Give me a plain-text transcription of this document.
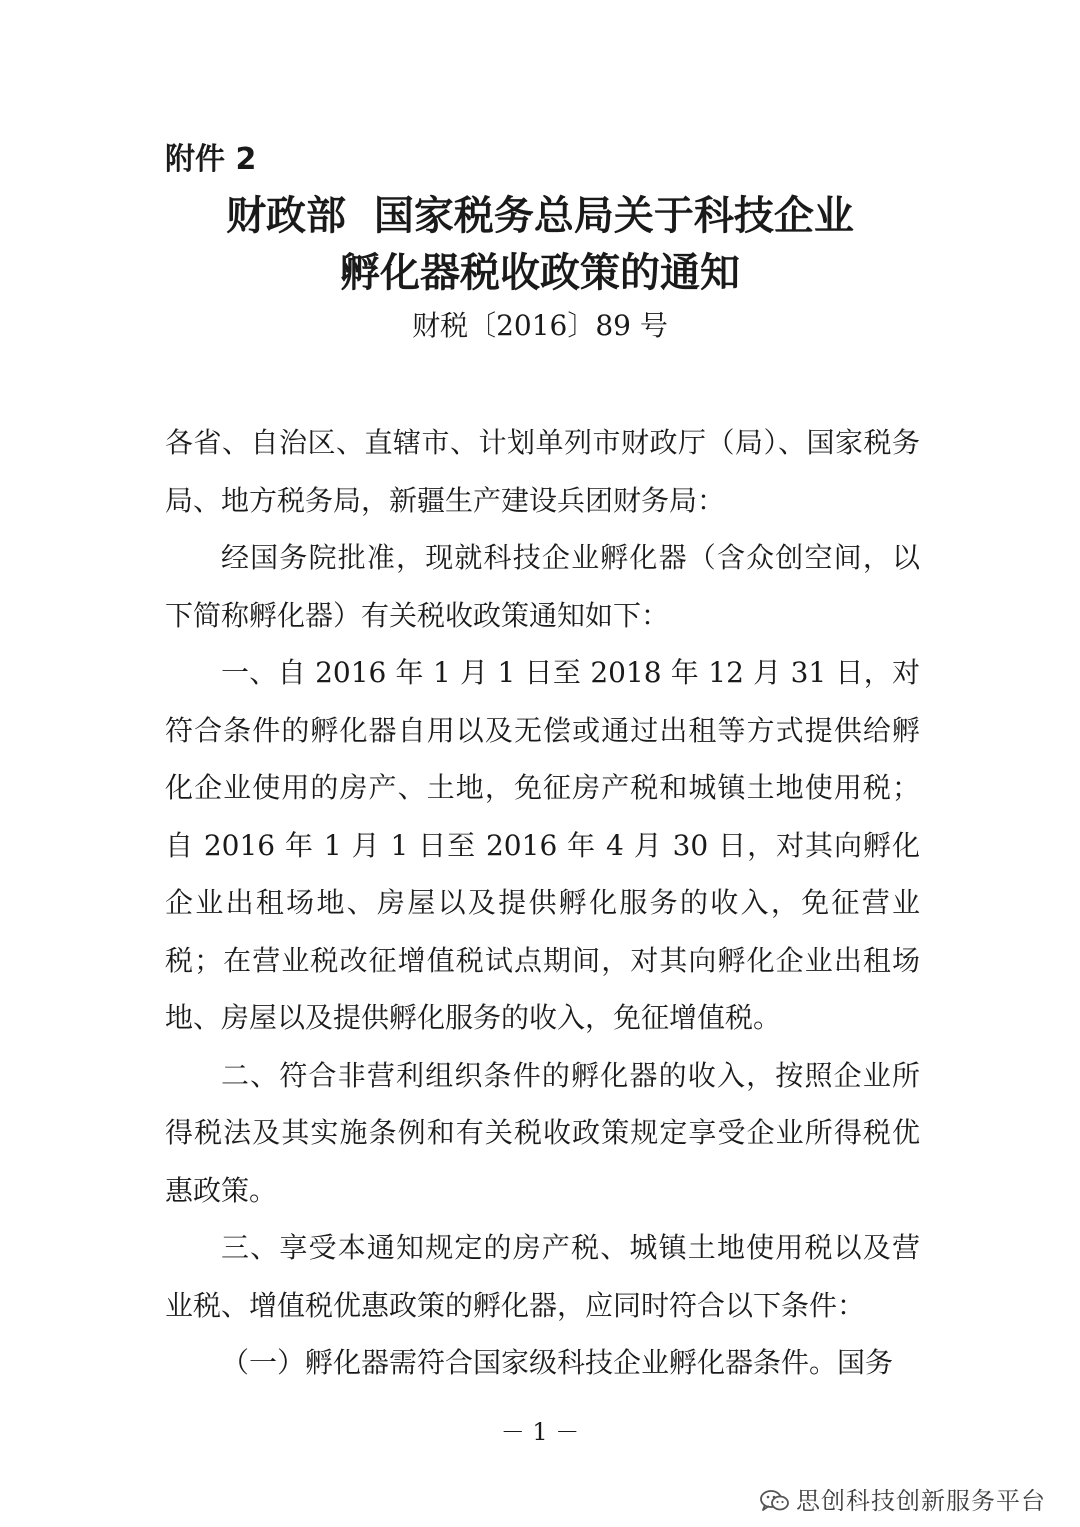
附件 2
财政部  国家税务总局关于科技企业
孵化器税收政策的通知
财税〔2016〕89 号

各省、自治区、直辖市、计划单列市财政厅（局）、国家税务局、地方税务局，新疆生产建设兵团财务局：

经国务院批准，现就科技企业孵化器（含众创空间，以下简称孵化器）有关税收政策通知如下：

一、自 2016 年 1 月 1 日至 2018 年 12 月 31 日，对符合条件的孵化器自用以及无偿或通过出租等方式提供给孵化企业使用的房产、土地，免征房产税和城镇土地使用税；自 2016 年 1 月 1 日至 2016 年 4 月 30 日，对其向孵化企业出租场地、房屋以及提供孵化服务的收入，免征营业税；在营业税改征增值税试点期间，对其向孵化企业出租场地、房屋以及提供孵化服务的收入，免征增值税。

二、符合非营利组织条件的孵化器的收入，按照企业所得税法及其实施条例和有关税收政策规定享受企业所得税优惠政策。

三、享受本通知规定的房产税、城镇土地使用税以及营业税、增值税优惠政策的孵化器，应同时符合以下条件：

（一）孵化器需符合国家级科技企业孵化器条件。国务

－ 1 －
思创科技创新服务平台
